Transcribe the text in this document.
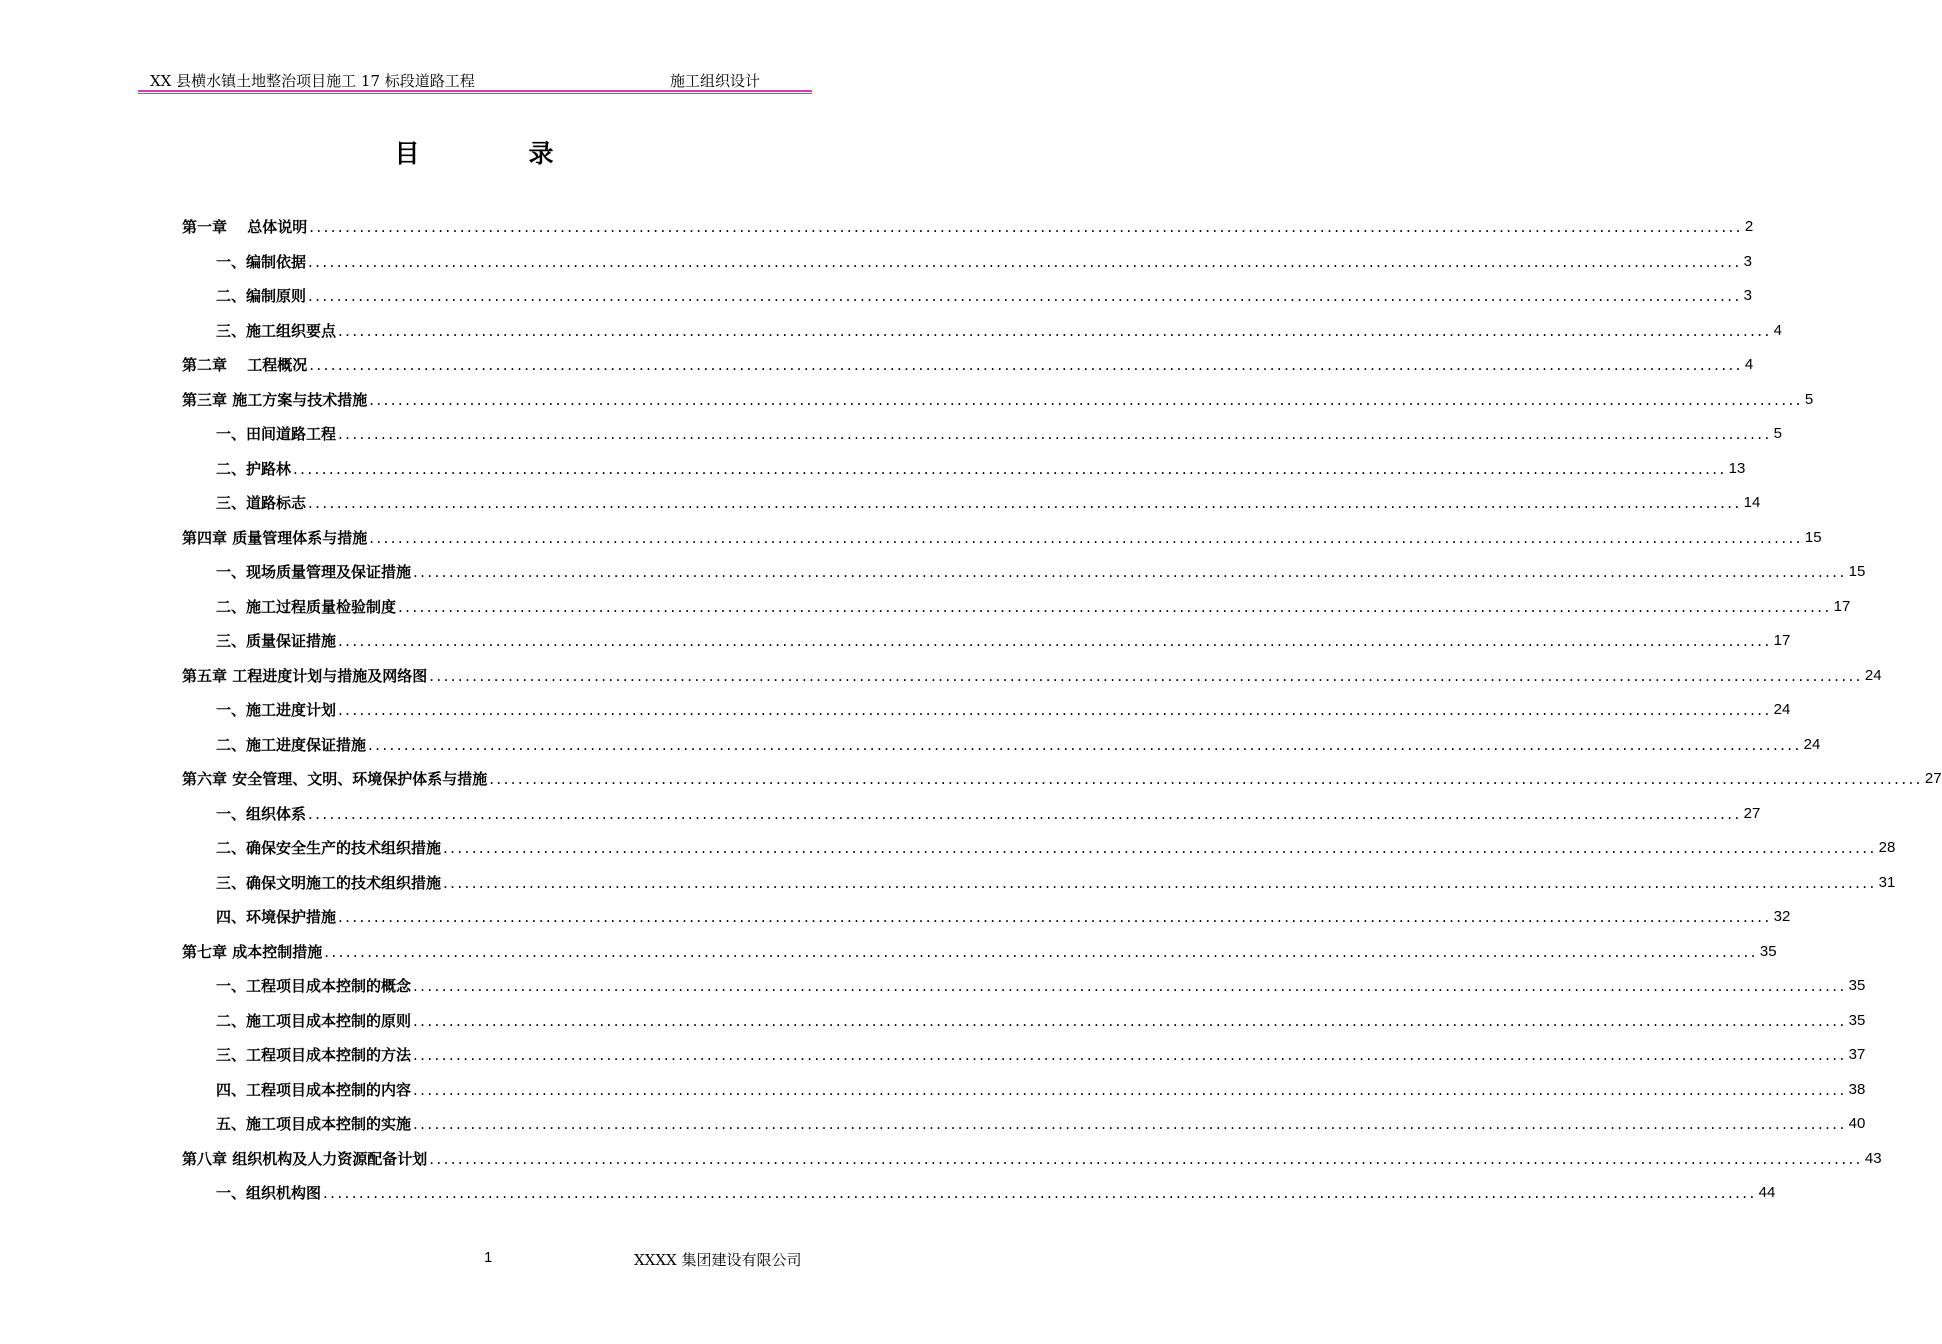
XX 县横水镇土地整治项目施工 17 标段道路工程	施工组织设计
目　录
第一章　 总体说明 ........................................................................................................................................................................................................ 2
一、编制依据 ........................................................................................................................................................................................................ 3
二、编制原则 ........................................................................................................................................................................................................ 3
三、施工组织要点 ........................................................................................................................................................................................................ 4
第二章　 工程概况 ........................................................................................................................................................................................................ 4
第三章 施工方案与技术措施 ........................................................................................................................................................................................................ 5
一、田间道路工程 ........................................................................................................................................................................................................ 5
二、护路林 ........................................................................................................................................................................................................ 13
三、道路标志 ........................................................................................................................................................................................................ 14
第四章 质量管理体系与措施 ........................................................................................................................................................................................................ 15
一、现场质量管理及保证措施 ........................................................................................................................................................................................................ 15
二、施工过程质量检验制度 ........................................................................................................................................................................................................ 17
三、质量保证措施 ........................................................................................................................................................................................................ 17
第五章 工程进度计划与措施及网络图 ........................................................................................................................................................................................................ 24
一、施工进度计划 ........................................................................................................................................................................................................ 24
二、施工进度保证措施 ........................................................................................................................................................................................................ 24
第六章 安全管理、文明、环境保护体系与措施 ........................................................................................................................................................................................................ 27
一、组织体系 ........................................................................................................................................................................................................ 27
二、确保安全生产的技术组织措施 ........................................................................................................................................................................................................ 28
三、确保文明施工的技术组织措施 ........................................................................................................................................................................................................ 31
四、环境保护措施 ........................................................................................................................................................................................................ 32
第七章 成本控制措施 ........................................................................................................................................................................................................ 35
一、工程项目成本控制的概念 ........................................................................................................................................................................................................ 35
二、施工项目成本控制的原则 ........................................................................................................................................................................................................ 35
三、工程项目成本控制的方法 ........................................................................................................................................................................................................ 37
四、工程项目成本控制的内容 ........................................................................................................................................................................................................ 38
五、施工项目成本控制的实施 ........................................................................................................................................................................................................ 40
第八章 组织机构及人力资源配备计划 ........................................................................................................................................................................................................ 43
一、组织机构图 ........................................................................................................................................................................................................ 44
1	XXXX 集团建设有限公司
